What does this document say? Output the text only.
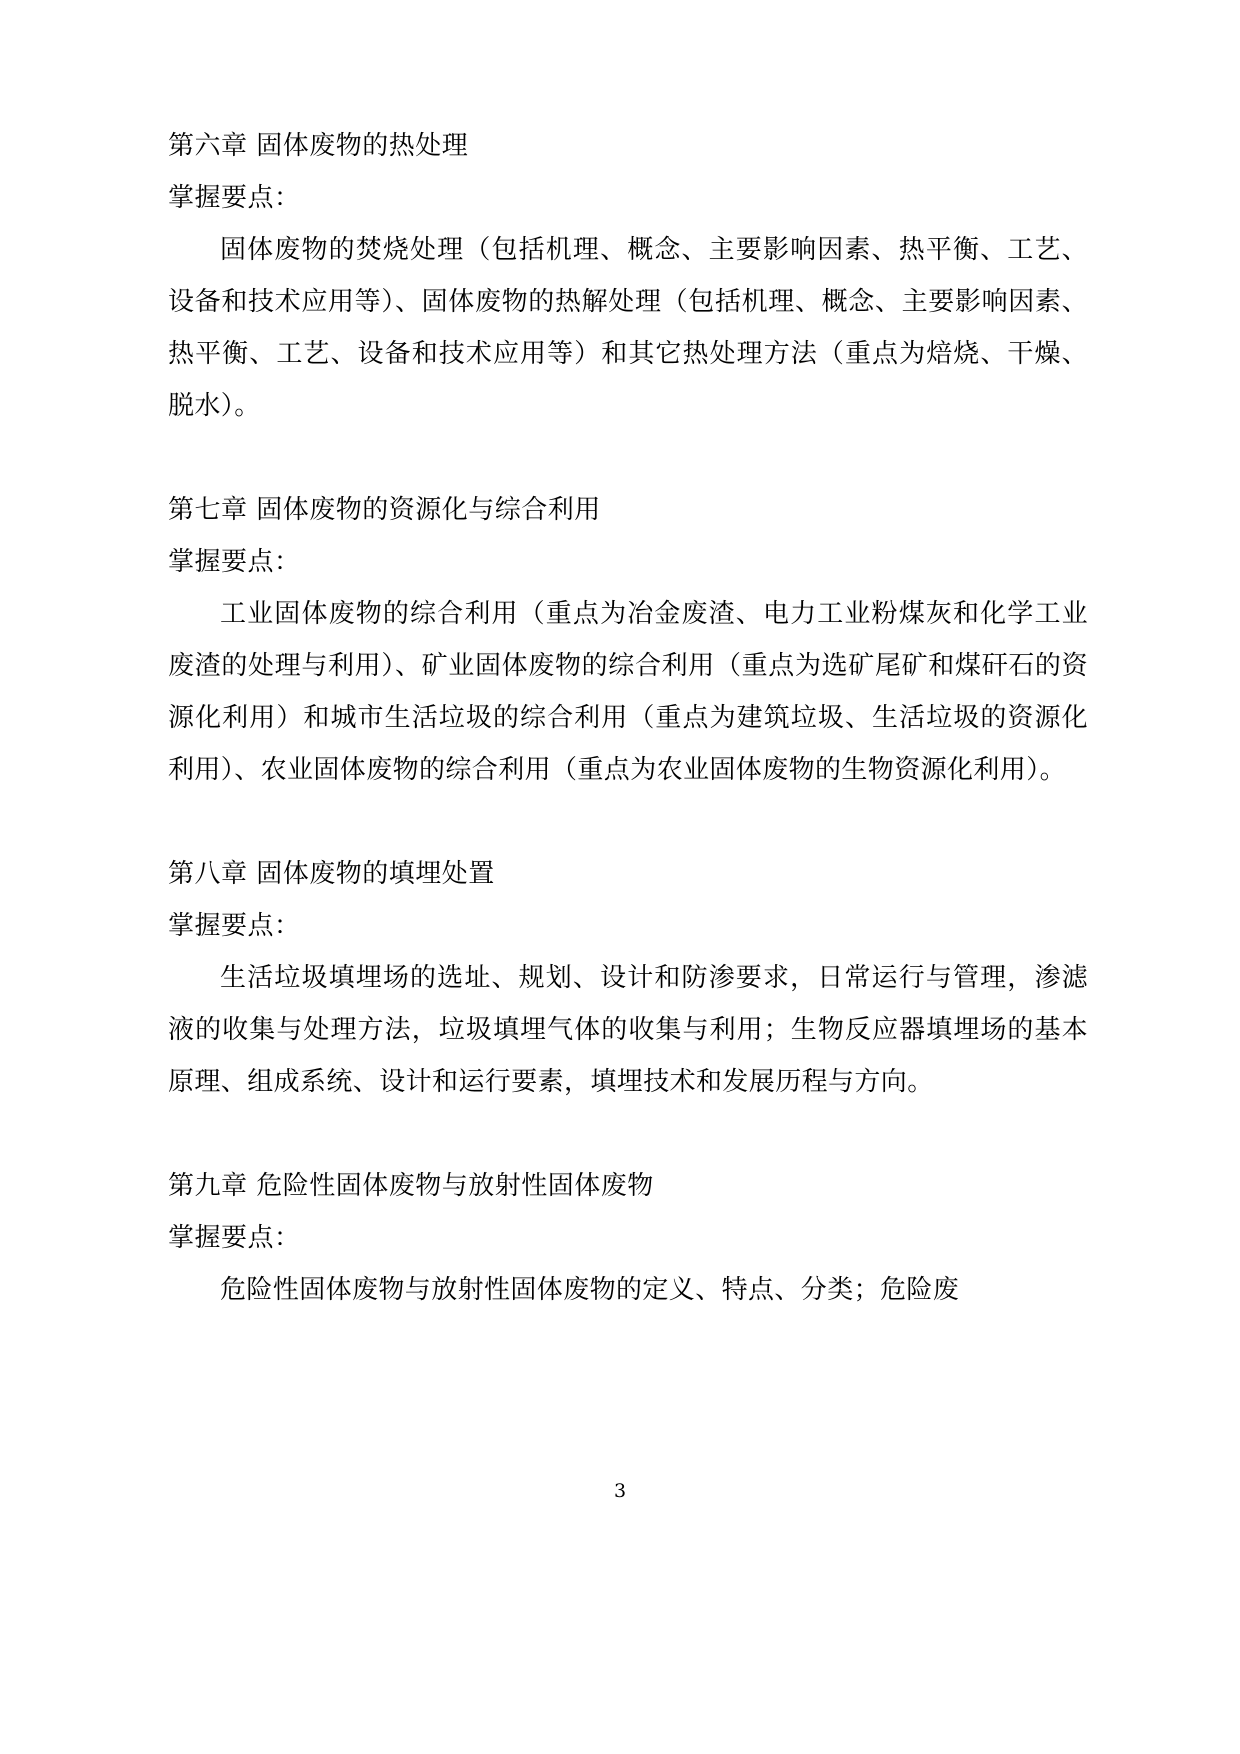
第六章 固体废物的热处理
掌握要点：

固体废物的焚烧处理（包括机理、概念、主要影响因素、热平衡、工艺、设备和技术应用等）、固体废物的热解处理（包括机理、概念、主要影响因素、热平衡、工艺、设备和技术应用等）和其它热处理方法（重点为焙烧、干燥、脱水）。

第七章 固体废物的资源化与综合利用
掌握要点：

工业固体废物的综合利用（重点为冶金废渣、电力工业粉煤灰和化学工业废渣的处理与利用）、矿业固体废物的综合利用（重点为选矿尾矿和煤矸石的资源化利用）和城市生活垃圾的综合利用（重点为建筑垃圾、生活垃圾的资源化利用）、农业固体废物的综合利用（重点为农业固体废物的生物资源化利用）。

第八章 固体废物的填埋处置
掌握要点：

生活垃圾填埋场的选址、规划、设计和防渗要求，日常运行与管理，渗滤液的收集与处理方法，垃圾填埋气体的收集与利用；生物反应器填埋场的基本原理、组成系统、设计和运行要素，填埋技术和发展历程与方向。

第九章 危险性固体废物与放射性固体废物
掌握要点：

危险性固体废物与放射性固体废物的定义、特点、分类；危险废

3
